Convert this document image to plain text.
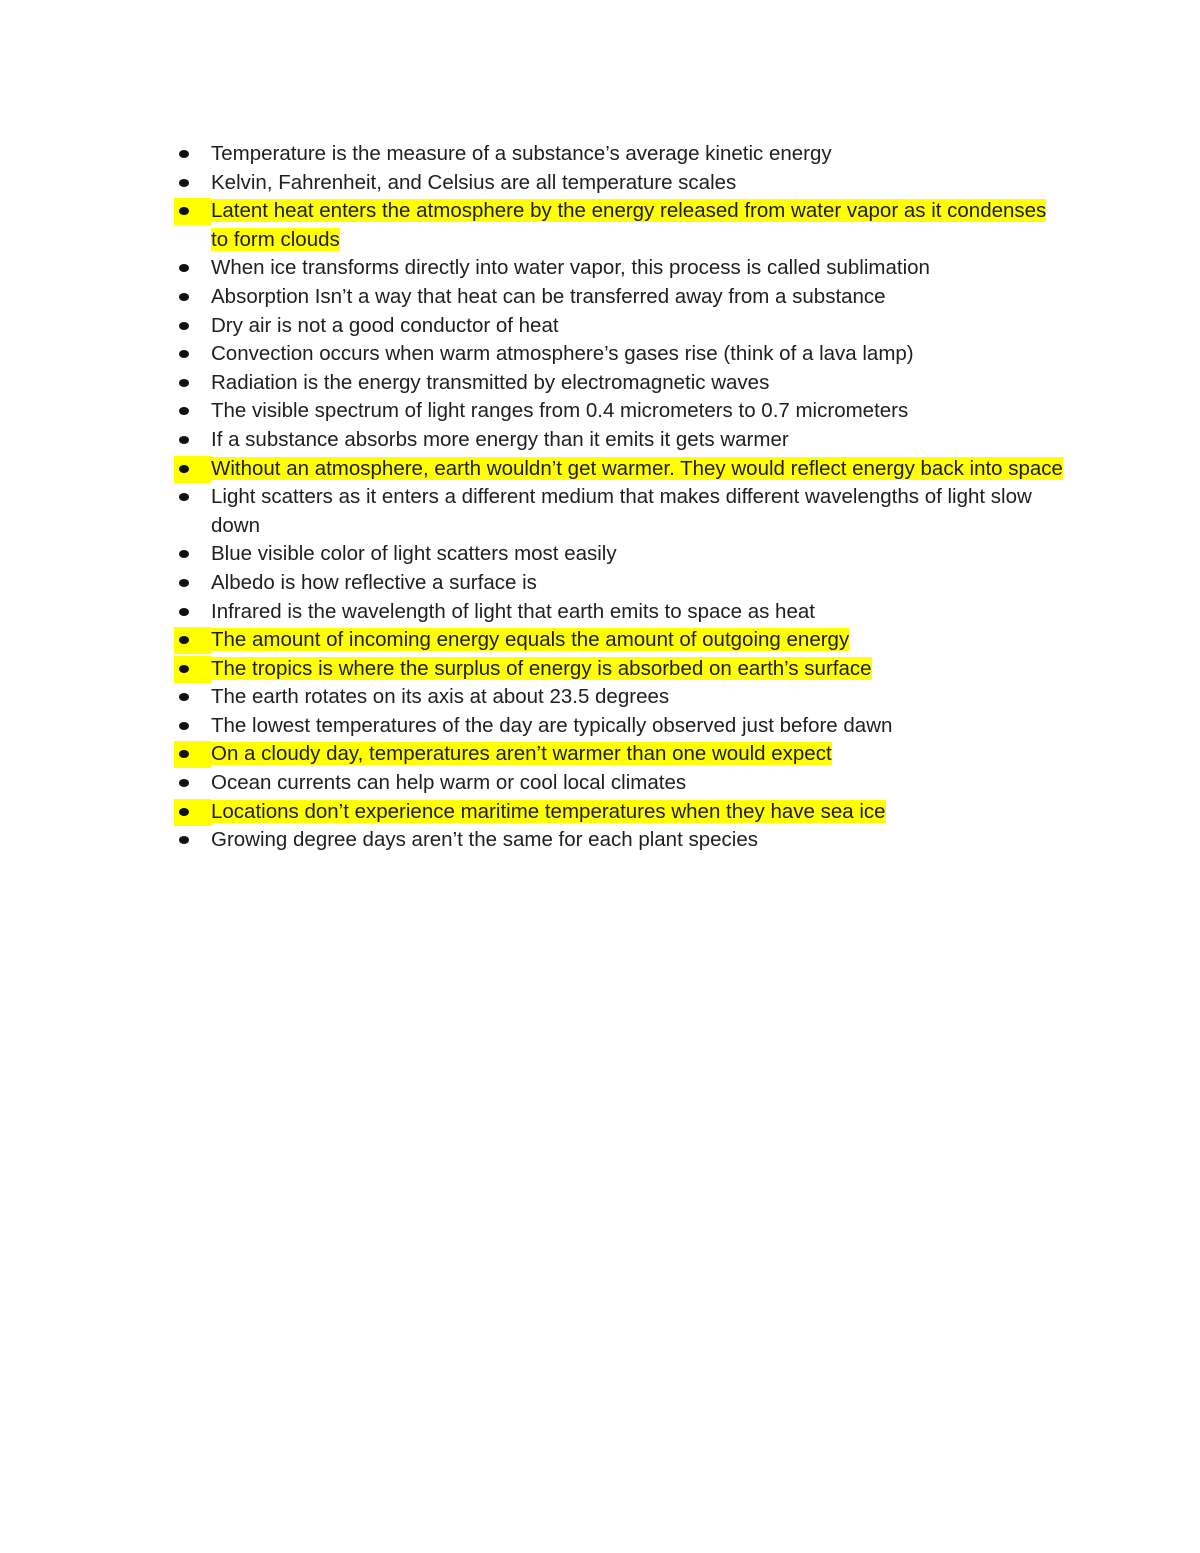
Temperature is the measure of a substance’s average kinetic energy
Kelvin, Fahrenheit, and Celsius are all temperature scales
Latent heat enters the atmosphere by the energy released from water vapor as it condenses to form clouds
When ice transforms directly into water vapor, this process is called sublimation
Absorption Isn’t a way that heat can be transferred away from a substance
Dry air is not a good conductor of heat
Convection occurs when warm atmosphere’s gases rise (think of a lava lamp)
Radiation is the energy transmitted by electromagnetic waves
The visible spectrum of light ranges from 0.4 micrometers to 0.7 micrometers
If a substance absorbs more energy than it emits it gets warmer
Without an atmosphere, earth wouldn’t get warmer. They would reflect energy back into space
Light scatters as it enters a different medium that makes different wavelengths of light slow down
Blue visible color of light scatters most easily
Albedo is how reflective a surface is
Infrared is the wavelength of light that earth emits to space as heat
The amount of incoming energy equals the amount of outgoing energy
The tropics is where the surplus of energy is absorbed on earth’s surface
The earth rotates on its axis at about 23.5 degrees
The lowest temperatures of the day are typically observed just before dawn
On a cloudy day, temperatures aren’t warmer than one would expect
Ocean currents can help warm or cool local climates
Locations don’t experience maritime temperatures when they have sea ice
Growing degree days aren’t the same for each plant species
